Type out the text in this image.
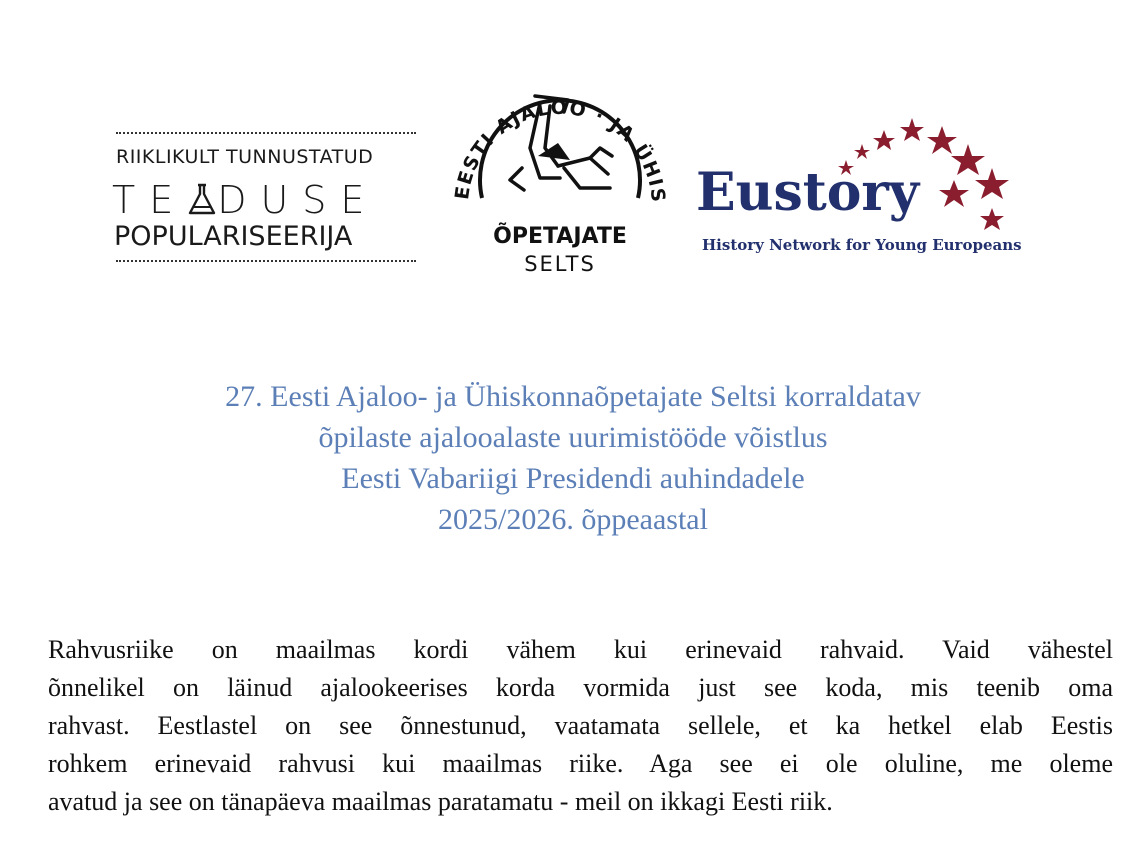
RIIKLIKULT TUNNUSTATUD
TE DUSE
POPULARISEERIJA
EESTI AJALOO · JA ÜHIS
ÕPETAJATE
SELTS
Eustory
History Network for Young Europeans
27. Eesti Ajaloo- ja Ühiskonnaõpetajate Seltsi korraldatav
õpilaste ajalooalaste uurimistööde võistlus
Eesti Vabariigi Presidendi auhindadele
2025/2026. õppeaastal
Rahvusriike on maailmas kordi vähem kui erinevaid rahvaid. Vaid vähestel
õnnelikel on läinud ajalookeerises korda vormida just see koda, mis teenib oma
rahvast. Eestlastel on see õnnestunud, vaatamata sellele, et ka hetkel elab Eestis
rohkem erinevaid rahvusi kui maailmas riike. Aga see ei ole oluline, me oleme
avatud ja see on tänapäeva maailmas paratamatu - meil on ikkagi Eesti riik.
